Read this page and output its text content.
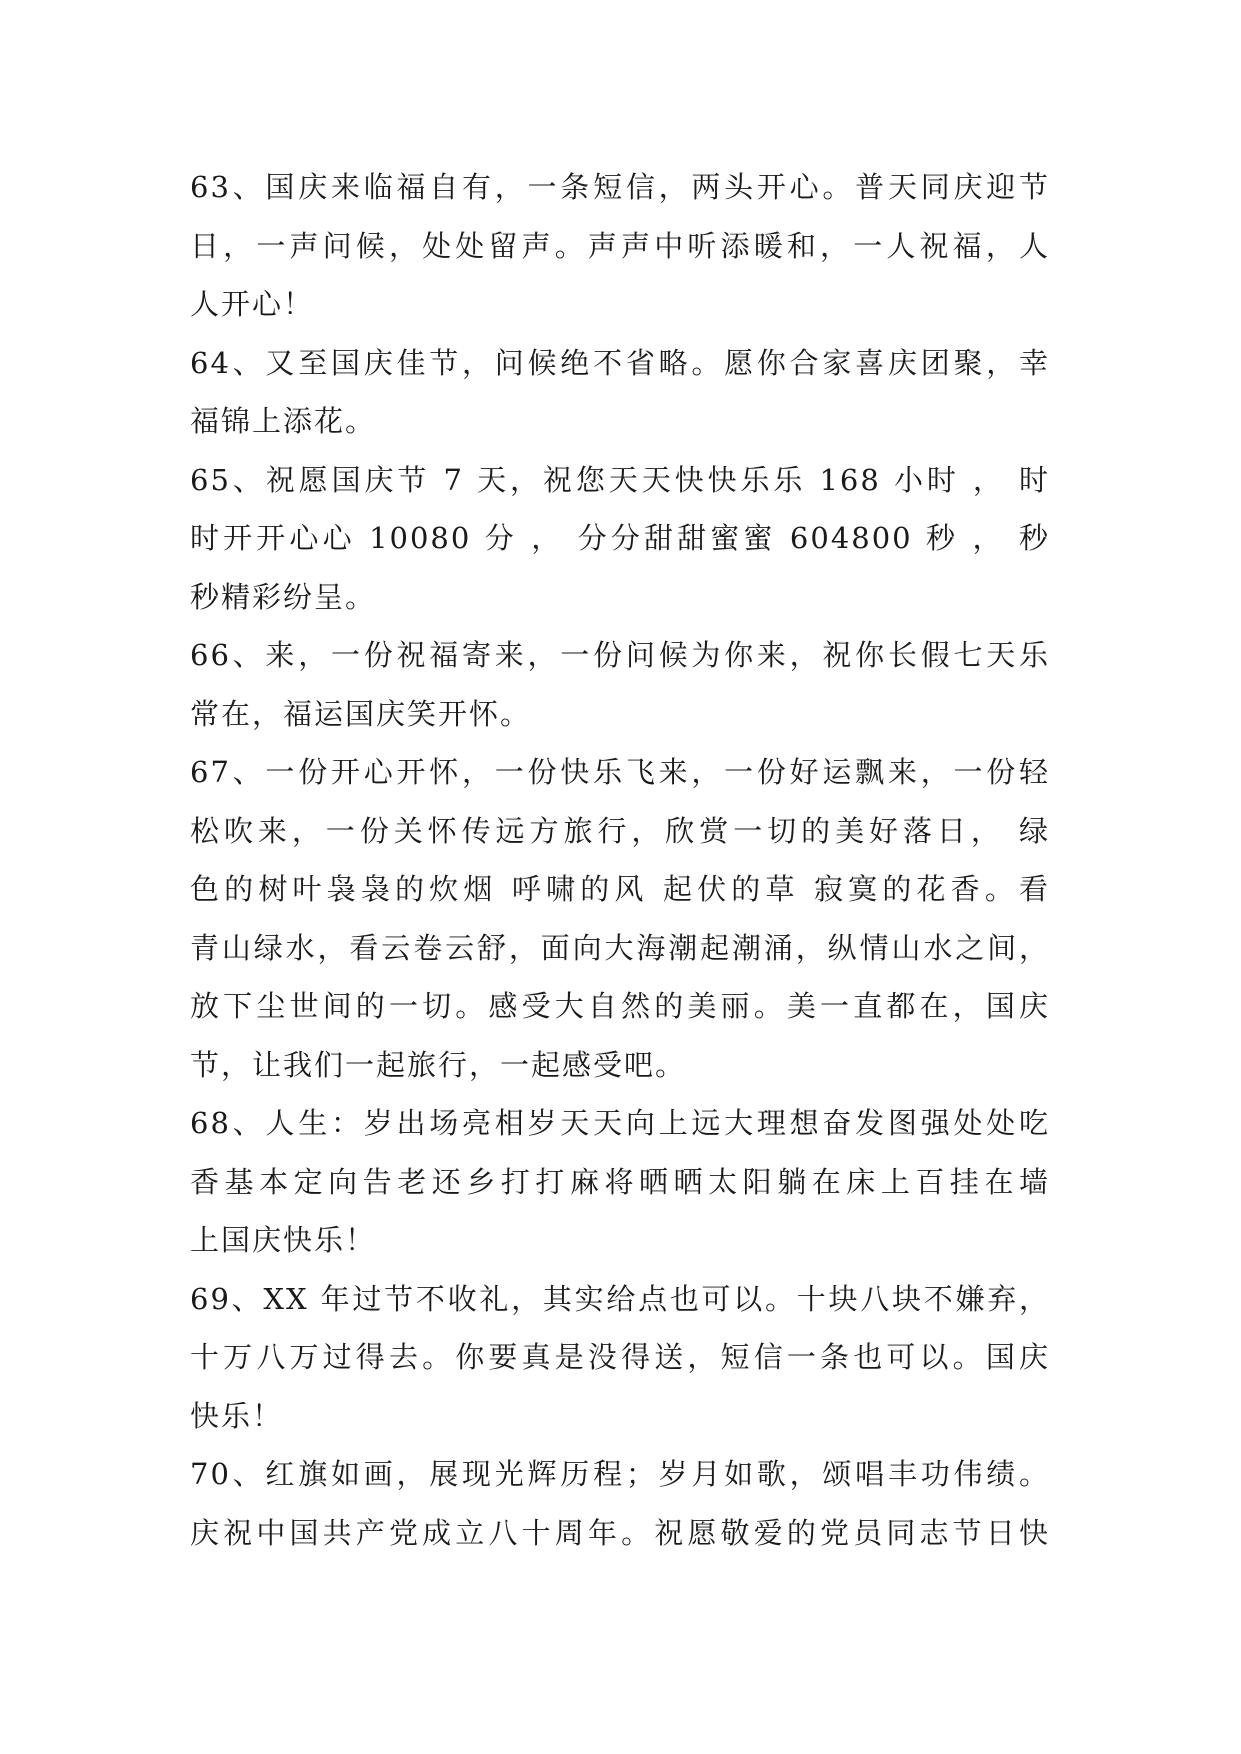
63、国庆来临福自有，一条短信，两头开心。普天同庆迎节
日，一声问候，处处留声。声声中听添暖和，一人祝福，人
人开心！
64、又至国庆佳节，问候绝不省略。愿你合家喜庆团聚，幸
福锦上添花。
65、祝愿国庆节 7 天，祝您天天快快乐乐 168 小时 ， 时
时开开心心 10080 分 ， 分分甜甜蜜蜜 604800 秒 ， 秒
秒精彩纷呈。
66、来，一份祝福寄来，一份问候为你来，祝你长假七天乐
常在，福运国庆笑开怀。
67、一份开心开怀，一份快乐飞来，一份好运飘来，一份轻
松吹来，一份关怀传远方旅行，欣赏一切的美好落日， 绿
色的树叶袅袅的炊烟 呼啸的风 起伏的草 寂寞的花香。看
青山绿水，看云卷云舒，面向大海潮起潮涌，纵情山水之间，
放下尘世间的一切。感受大自然的美丽。美一直都在，国庆
节，让我们一起旅行，一起感受吧。
68、人生：岁出场亮相岁天天向上远大理想奋发图强处处吃
香基本定向告老还乡打打麻将晒晒太阳躺在床上百挂在墙
上国庆快乐！
69、XX 年过节不收礼，其实给点也可以。十块八块不嫌弃，
十万八万过得去。你要真是没得送，短信一条也可以。国庆
快乐！
70、红旗如画，展现光辉历程；岁月如歌，颂唱丰功伟绩。
庆祝中国共产党成立八十周年。祝愿敬爱的党员同志节日快
